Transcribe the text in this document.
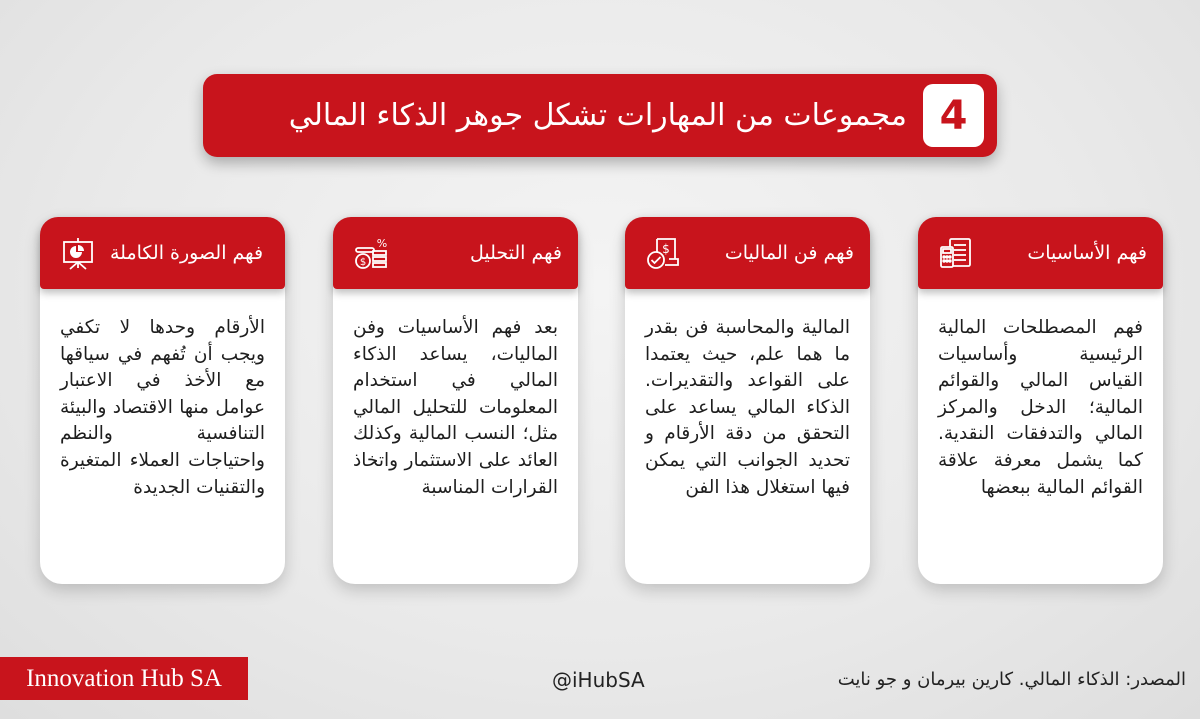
4
مجموعات من المهارات تشكل جوهر الذكاء المالي
فهم الأساسيات
فهم المصطلحات المالية الرئيسية وأساسيات القياس المالي والقوائم المالية؛ الدخل والمركز المالي والتدفقات النقدية. كما يشمل معرفة علاقة القوائم المالية ببعضها
فهم فن الماليات
$
المالية والمحاسبة فن بقدر ما هما علم، حيث يعتمدا على القواعد والتقديرات. الذكاء المالي يساعد على التحقق من دقة الأرقام و تحديد الجوانب التي يمكن فيها استغلال هذا الفن
فهم التحليل
%
$
بعد فهم الأساسيات وفن الماليات، يساعد الذكاء المالي في استخدام المعلومات للتحليل المالي مثل؛ النسب المالية وكذلك العائد على الاستثمار واتخاذ القرارات المناسبة
فهم الصورة الكاملة
الأرقام وحدها لا تكفي ويجب أن تُفهم في سياقها مع الأخذ في الاعتبار عوامل منها الاقتصاد والبيئة التنافسية والنظم واحتياجات العملاء المتغيرة والتقنيات الجديدة
Innovation Hub SA	@iHubSA	المصدر: الذكاء المالي. كارين بيرمان و جو نايت
